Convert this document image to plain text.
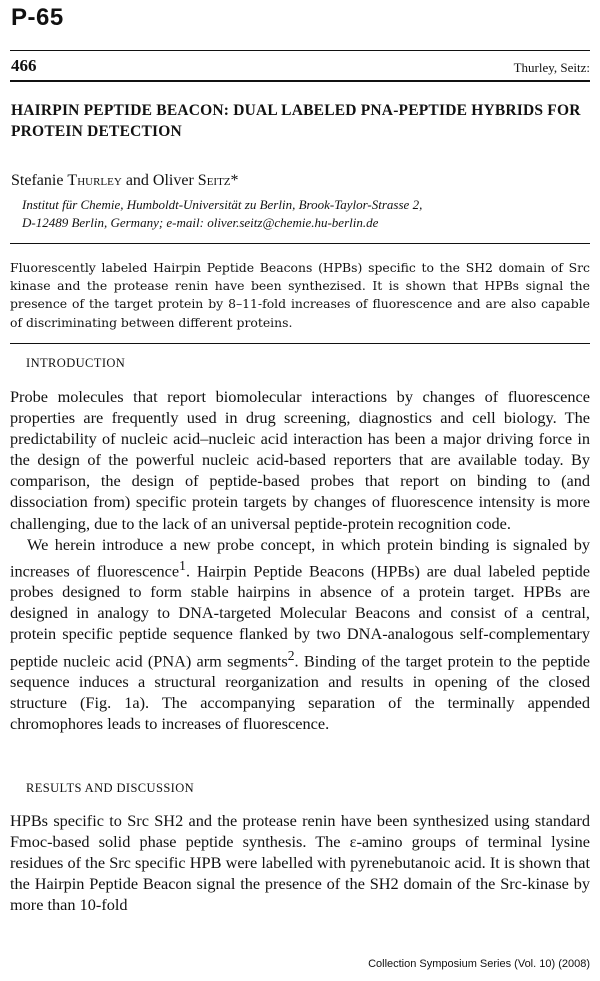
P-65
466	Thurley, Seitz:
HAIRPIN PEPTIDE BEACON: DUAL LABELED PNA-PEPTIDE HYBRIDS FOR PROTEIN DETECTION
Stefanie Thurley and Oliver Seitz*
Institut für Chemie, Humboldt-Universität zu Berlin, Brook-Taylor-Strasse 2,
D-12489 Berlin, Germany; e-mail: oliver.seitz@chemie.hu-berlin.de
Fluorescently labeled Hairpin Peptide Beacons (HPBs) specific to the SH2 domain of Src kinase and the protease renin have been synthezised. It is shown that HPBs signal the presence of the target protein by 8–11-fold increases of fluorescence and are also capable of discriminating between different proteins.
INTRODUCTION

Probe molecules that report biomolecular interactions by changes of fluorescence properties are frequently used in drug screening, diagnostics and cell biology. The predictability of nucleic acid–nucleic acid interaction has been a major driving force in the design of the powerful nucleic acid-based reporters that are available today. By comparison, the design of peptide-based probes that report on binding to (and dissociation from) specific protein targets by changes of fluorescence intensity is more challenging, due to the lack of an universal peptide-protein recognition code.

We herein introduce a new probe concept, in which protein binding is signaled by increases of fluorescence$^1$. Hairpin Peptide Beacons (HPBs) are dual labeled peptide probes designed to form stable hairpins in absence of a protein target. HPBs are designed in analogy to DNA-targeted Molecular Beacons and consist of a central, protein specific peptide sequence flanked by two DNA-analogous self-complementary peptide nucleic acid (PNA) arm segments$^2$. Binding of the target protein to the peptide sequence induces a structural reorganization and results in opening of the closed structure (Fig. 1a). The accompanying separation of the terminally appended chromophores leads to increases of fluorescence.

RESULTS AND DISCUSSION

HPBs specific to Src SH2 and the protease renin have been synthesized using standard Fmoc-based solid phase peptide synthesis. The ε-amino groups of terminal lysine residues of the Src specific HPB were labelled with pyrenebutanoic acid. It is shown that the Hairpin Peptide Beacon signal the presence of the SH2 domain of the Src-kinase by more than 10-fold

Collection Symposium Series (Vol. 10) (2008)
